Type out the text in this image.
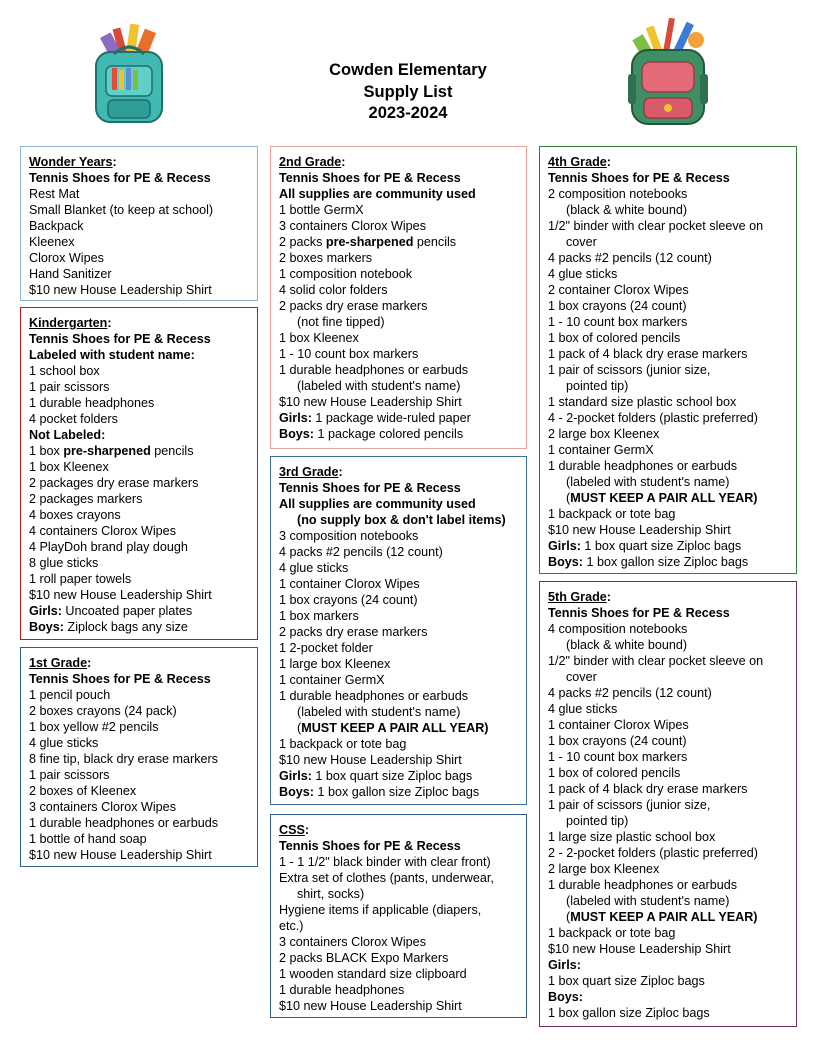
Cowden Elementary
Supply List
2023-2024
Wonder Years:
Tennis Shoes for PE & Recess
Rest Mat
Small Blanket (to keep at school)
Backpack
Kleenex
Clorox Wipes
Hand Sanitizer
$10 new House Leadership Shirt
Kindergarten:
Tennis Shoes for PE & Recess
Labeled with student name:
1 school box
1 pair scissors
1 durable headphones
4 pocket folders
Not Labeled:
1 box pre-sharpened pencils
1 box Kleenex
2 packages dry erase markers
2 packages markers
4 boxes crayons
4 containers Clorox Wipes
4 PlayDoh brand play dough
8 glue sticks
1 roll paper towels
$10 new House Leadership Shirt
Girls: Uncoated paper plates
Boys: Ziplock bags any size
1st Grade:
Tennis Shoes for PE & Recess
1 pencil pouch
2 boxes crayons (24 pack)
1 box yellow #2 pencils
4 glue sticks
8 fine tip, black dry erase markers
1 pair scissors
2 boxes of Kleenex
3 containers Clorox Wipes
1 durable headphones or earbuds
1 bottle of hand soap
$10 new House Leadership Shirt
2nd Grade:
Tennis Shoes for PE & Recess
All supplies are community used
1 bottle GermX
3 containers Clorox Wipes
2 packs pre-sharpened pencils
2 boxes markers
1 composition notebook
4 solid color folders
2 packs dry erase markers
(not fine tipped)
1 box Kleenex
1 - 10 count box markers
1 durable headphones or earbuds
(labeled with student's name)
$10 new House Leadership Shirt
Girls: 1 package wide-ruled paper
Boys: 1 package colored pencils
3rd Grade:
Tennis Shoes for PE & Recess
All supplies are community used
(no supply box & don't label items)
3 composition notebooks
4 packs #2 pencils (12 count)
4 glue sticks
1 container Clorox Wipes
1 box crayons (24 count)
1 box markers
2 packs dry erase markers
1 2-pocket folder
1 large box Kleenex
1 container GermX
1 durable headphones or earbuds
(labeled with student's name)
(MUST KEEP A PAIR ALL YEAR)
1 backpack or tote bag
$10 new House Leadership Shirt
Girls: 1 box quart size Ziploc bags
Boys: 1 box gallon size Ziploc bags
CSS:
Tennis Shoes for PE & Recess
1 - 1 1/2" black binder with clear front)
Extra set of clothes (pants, underwear,
shirt, socks)
Hygiene items if applicable (diapers,
etc.)
3 containers Clorox Wipes
2 packs BLACK Expo Markers
1 wooden standard size clipboard
1 durable headphones
$10 new House Leadership Shirt
4th Grade:
Tennis Shoes for PE & Recess
2 composition notebooks
(black & white bound)
1/2" binder with clear pocket sleeve on
cover
4 packs #2 pencils (12 count)
4 glue sticks
2 container Clorox Wipes
1 box crayons (24 count)
1 - 10 count box markers
1 box of colored pencils
1 pack of 4 black dry erase markers
1 pair of scissors (junior size,
pointed tip)
1 standard size plastic school box
4 - 2-pocket folders (plastic preferred)
2 large box Kleenex
1 container GermX
1 durable headphones or earbuds
(labeled with student's name)
(MUST KEEP A PAIR ALL YEAR)
1 backpack or tote bag
$10 new House Leadership Shirt
Girls: 1 box quart size Ziploc bags
Boys: 1 box gallon size Ziploc bags
5th Grade:
Tennis Shoes for PE & Recess
4 composition notebooks
(black & white bound)
1/2" binder with clear pocket sleeve on
cover
4 packs #2 pencils (12 count)
4 glue sticks
1 container Clorox Wipes
1 box crayons (24 count)
1 - 10 count box markers
1 box of colored pencils
1 pack of 4 black dry erase markers
1 pair of scissors (junior size,
pointed tip)
1 large size plastic school box
2 - 2-pocket folders (plastic preferred)
2 large box Kleenex
1 durable headphones or earbuds
(labeled with student's name)
(MUST KEEP A PAIR ALL YEAR)
1 backpack or tote bag
$10 new House Leadership Shirt
Girls:
1 box quart size Ziploc bags
Boys:
1 box gallon size Ziploc bags
